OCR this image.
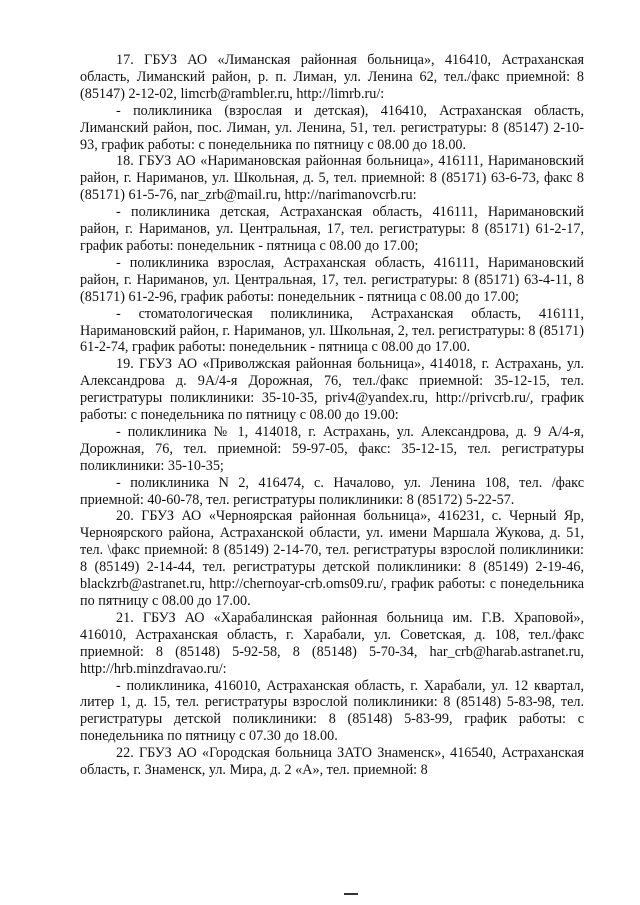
17. ГБУЗ АО «Лиманская районная больница», 416410, Астраханская область, Лиманский район, р. п. Лиман, ул. Ленина 62, тел./факс приемной: 8 (85147) 2-12-02, limcrb@rambler.ru, http://limrb.ru/:

- поликлиника (взрослая и детская), 416410, Астраханская область, Лиманский район, пос. Лиман, ул. Ленина, 51, тел. регистратуры: 8 (85147) 2-10-93, график работы: с понедельника по пятницу с 08.00 до 18.00.

18. ГБУЗ АО «Наримановская районная больница», 416111, Наримановский район, г. Нариманов, ул. Школьная, д. 5, тел. приемной: 8 (85171) 63-6-73, факс 8 (85171) 61-5-76, nar_zrb@mail.ru, http://narimanovcrb.ru:

- поликлиника детская, Астраханская область, 416111, Наримановский район, г. Нариманов, ул. Центральная, 17, тел. регистратуры: 8 (85171) 61-2-17, график работы: понедельник - пятница с 08.00 до 17.00;

- поликлиника взрослая, Астраханская область, 416111, Наримановский район, г. Нариманов, ул. Центральная, 17, тел. регистратуры: 8 (85171) 63-4-11, 8 (85171) 61-2-96, график работы: понедельник - пятница с 08.00 до 17.00;

- стоматологическая поликлиника, Астраханская область, 416111, Наримановский район, г. Нариманов, ул. Школьная, 2, тел. регистратуры: 8 (85171) 61-2-74, график работы: понедельник - пятница с 08.00 до 17.00.

19. ГБУЗ АО «Приволжская районная больница», 414018, г. Астрахань, ул. Александрова д. 9А/4-я Дорожная, 76, тел./факс приемной: 35-12-15, тел. регистратуры поликлиники: 35-10-35, priv4@yandex.ru, http://privcrb.ru/, график работы: с понедельника по пятницу с 08.00 до 19.00:

- поликлиника № 1, 414018, г. Астрахань, ул. Александрова, д. 9 А/4-я, Дорожная, 76, тел. приемной: 59-97-05, факс: 35-12-15, тел. регистратуры поликлиники: 35-10-35;

- поликлиника N 2, 416474, с. Началово, ул. Ленина 108, тел. /факс приемной: 40-60-78, тел. регистратуры поликлиники: 8 (85172) 5-22-57.

20. ГБУЗ АО «Черноярская районная больница», 416231, с. Черный Яр, Черноярского района, Астраханской области, ул. имени Маршала Жукова, д. 51, тел. \факс приемной: 8 (85149) 2-14-70, тел. регистратуры взрослой поликлиники: 8 (85149) 2-14-44, тел. регистратуры детской поликлиники: 8 (85149) 2-19-46, blackzrb@astranet.ru, http://chernoyar-crb.oms09.ru/, график работы: с понедельника по пятницу с 08.00 до 17.00.

21. ГБУЗ АО «Харабалинская районная больница им. Г.В. Храповой», 416010, Астраханская область, г. Харабали, ул. Советская, д. 108, тел./факс приемной: 8 (85148) 5-92-58, 8 (85148) 5-70-34, har_crb@harab.astranet.ru, http://hrb.minzdravao.ru/:

- поликлиника, 416010, Астраханская область, г. Харабали, ул. 12 квартал, литер 1, д. 15, тел. регистратуры взрослой поликлиники: 8 (85148) 5-83-98, тел. регистратуры детской поликлиники: 8 (85148) 5-83-99, график работы: с понедельника по пятницу с 07.30 до 18.00.

22. ГБУЗ АО «Городская больница ЗАТО Знаменск», 416540, Астраханская область, г. Знаменск, ул. Мира, д. 2 «А», тел. приемной: 8
